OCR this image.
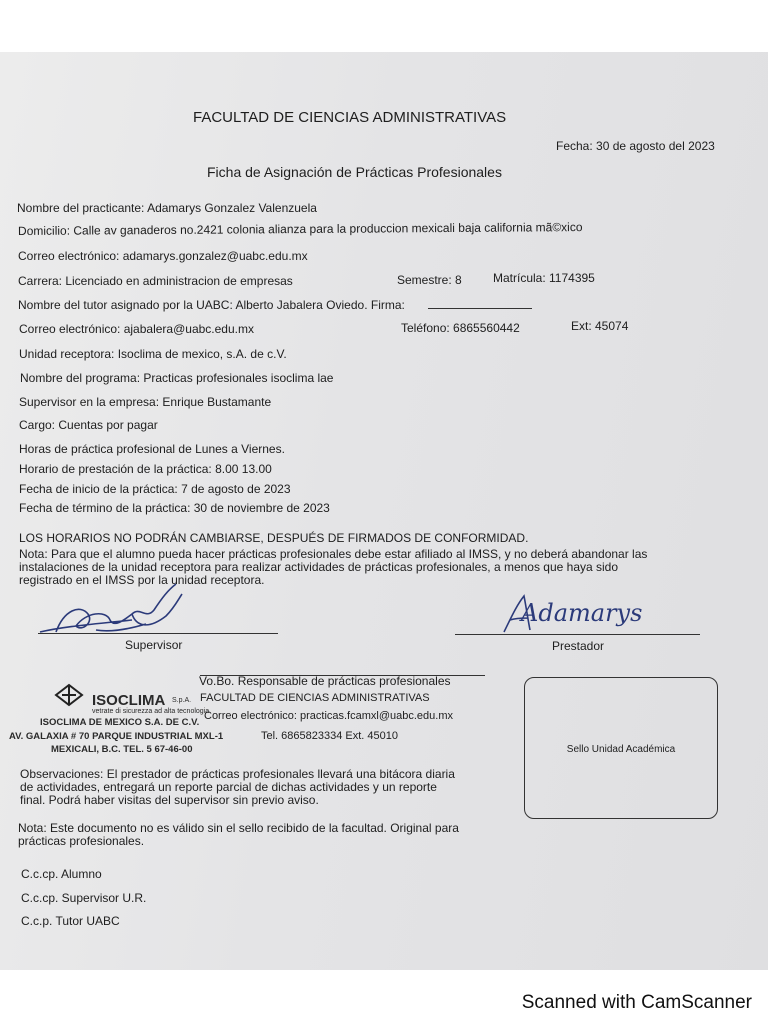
FACULTAD DE CIENCIAS ADMINISTRATIVAS
Fecha: 30 de agosto del 2023
Ficha de Asignación de Prácticas Profesionales
Nombre del practicante: Adamarys Gonzalez Valenzuela
Domicilio: Calle av ganaderos no.2421 colonia alianza para la produccion mexicali baja california mã©xico
Correo electrónico: adamarys.gonzalez@uabc.edu.mx
Carrera: Licenciado en administracion de empresas	Semestre: 8	Matrícula: 1174395
Nombre del tutor asignado por la UABC: Alberto Jabalera Oviedo. Firma:
Correo electrónico: ajabalera@uabc.edu.mx	Teléfono: 6865560442	Ext: 45074
Unidad receptora: Isoclima de mexico, s.A. de c.V.
Nombre del programa: Practicas profesionales isoclima lae
Supervisor en la empresa: Enrique Bustamante
Cargo: Cuentas por pagar
Horas de práctica profesional de Lunes a Viernes.
Horario de prestación de la práctica: 8.00 13.00
Fecha de inicio de la práctica: 7 de agosto de 2023
Fecha de término de la práctica: 30 de noviembre de 2023
LOS HORARIOS NO PODRÁN CAMBIARSE, DESPUÉS DE FIRMADOS DE CONFORMIDAD.
Nota: Para que el alumno pueda hacer prácticas profesionales debe estar afiliado al IMSS, y no deberá abandonar las instalaciones de la unidad receptora para realizar actividades de prácticas profesionales, a menos que haya sido registrado en el IMSS por la unidad receptora.
Supervisor
Adamarys
Prestador
Vo.Bo. Responsable de prácticas profesionales
FACULTAD DE CIENCIAS ADMINISTRATIVAS
Correo electrónico: practicas.fcamxl@uabc.edu.mx
Tel. 6865823334 Ext. 45010
ISOCLIMA S.p.A.
vetrate di sicurezza ad alta tecnologia
ISOCLIMA DE MEXICO S.A. DE C.V.
AV. GALAXIA # 70 PARQUE INDUSTRIAL MXL-1
MEXICALI, B.C. TEL. 5 67-46-00	Sello Unidad Académica
Observaciones: El prestador de prácticas profesionales llevará una bitácora diaria de actividades, entregará un reporte parcial de dichas actividades y un reporte final. Podrá haber visitas del supervisor sin previo aviso.
Nota: Este documento no es válido sin el sello recibido de la facultad. Original para prácticas profesionales.
C.c.cp. Alumno
C.c.cp. Supervisor U.R.
C.c.p. Tutor UABC
Scanned with CamScanner
